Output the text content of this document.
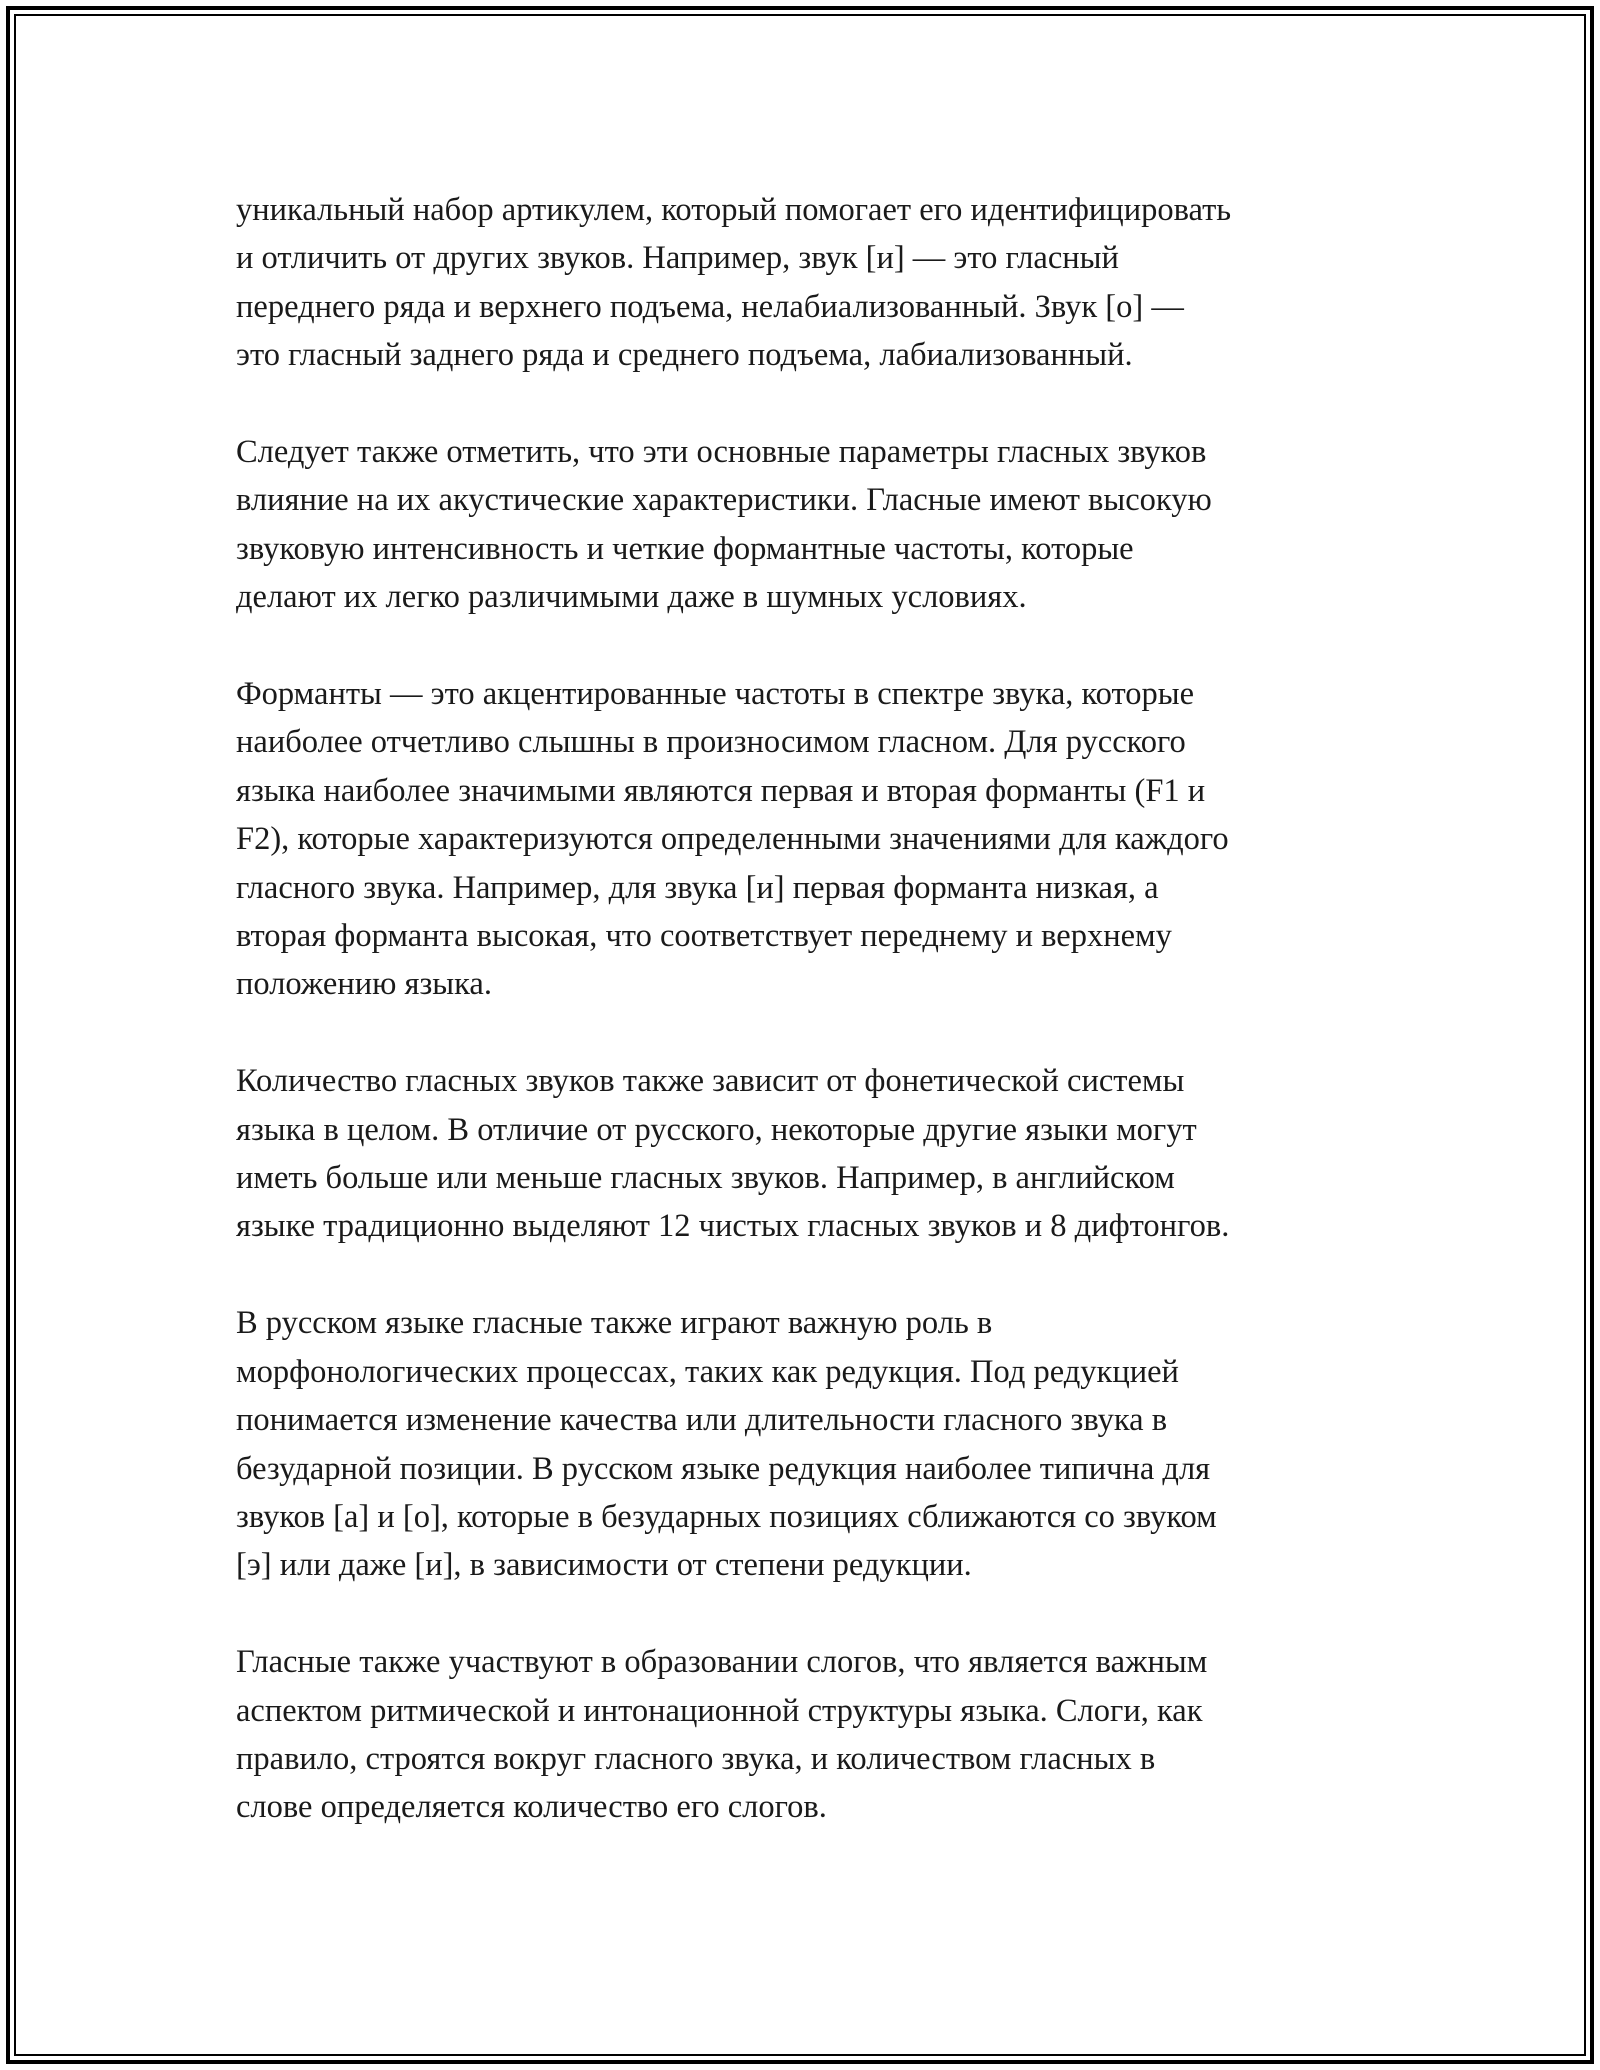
уникальный набор артикулем, который помогает его идентифицировать
и отличить от других звуков. Например, звук [и] — это гласный
переднего ряда и верхнего подъема, нелабиализованный. Звук [о] —
это гласный заднего ряда и среднего подъема, лабиализованный.

Следует также отметить, что эти основные параметры гласных звуков
влияние на их акустические характеристики. Гласные имеют высокую
звуковую интенсивность и четкие формантные частоты, которые
делают их легко различимыми даже в шумных условиях.

Форманты — это акцентированные частоты в спектре звука, которые
наиболее отчетливо слышны в произносимом гласном. Для русского
языка наиболее значимыми являются первая и вторая форманты (F1 и
F2), которые характеризуются определенными значениями для каждого
гласного звука. Например, для звука [и] первая форманта низкая, а
вторая форманта высокая, что соответствует переднему и верхнему
положению языка.

Количество гласных звуков также зависит от фонетической системы
языка в целом. В отличие от русского, некоторые другие языки могут
иметь больше или меньше гласных звуков. Например, в английском
языке традиционно выделяют 12 чистых гласных звуков и 8 дифтонгов.

В русском языке гласные также играют важную роль в
морфонологических процессах, таких как редукция. Под редукцией
понимается изменение качества или длительности гласного звука в
безударной позиции. В русском языке редукция наиболее типична для
звуков [а] и [о], которые в безударных позициях сближаются со звуком
[э] или даже [и], в зависимости от степени редукции.

Гласные также участвуют в образовании слогов, что является важным
аспектом ритмической и интонационной структуры языка. Слоги, как
правило, строятся вокруг гласного звука, и количеством гласных в
слове определяется количество его слогов.
